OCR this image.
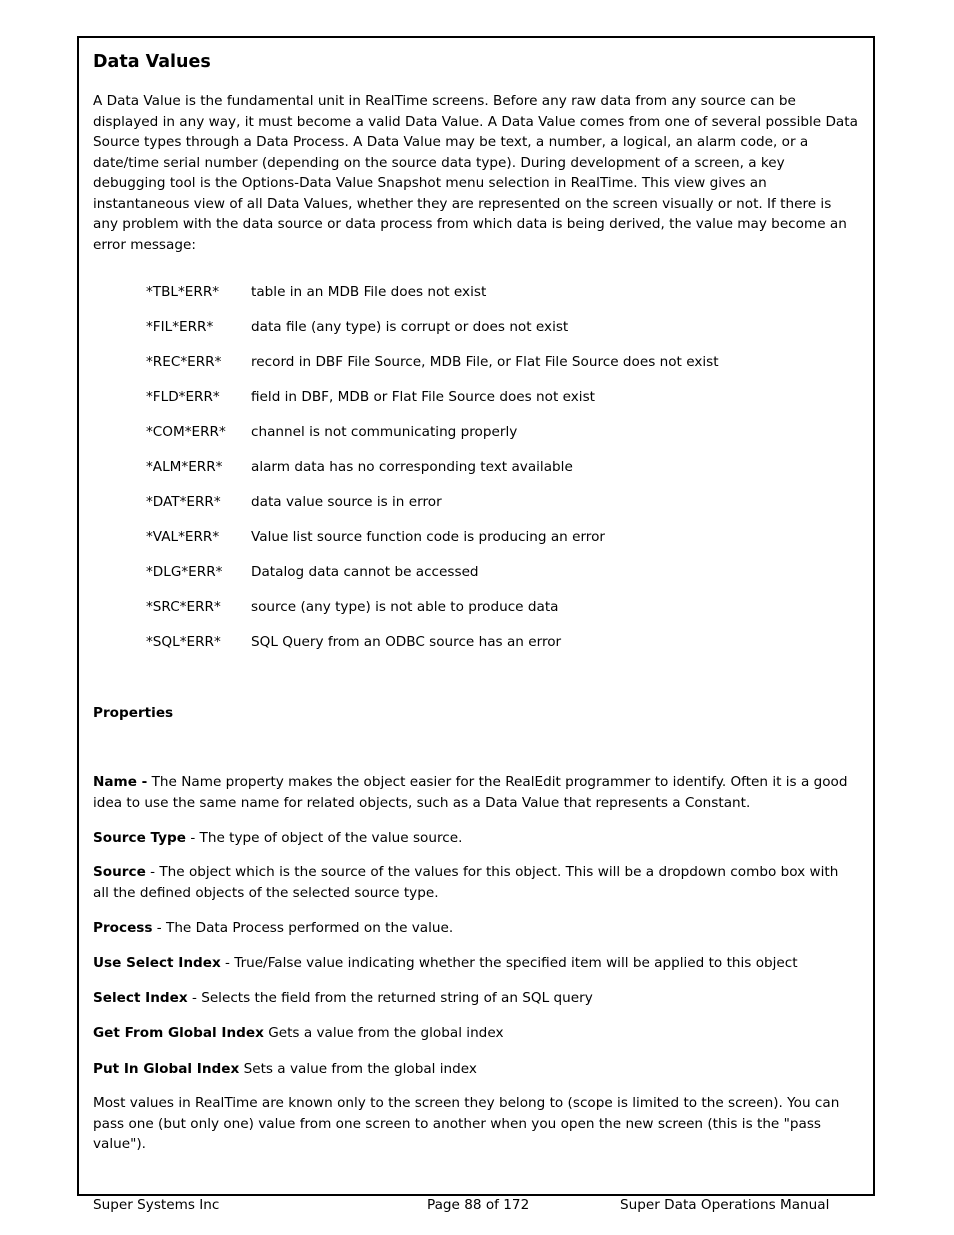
Data Values

A Data Value is the fundamental unit in RealTime screens. Before any raw data from any source can be displayed in any way, it must become a valid Data Value. A Data Value comes from one of several possible Data Source types through a Data Process. A Data Value may be text, a number, a logical, an alarm code, or a date/time serial number (depending on the source data type). During development of a screen, a key debugging tool is the Options-Data Value Snapshot menu selection in RealTime. This view gives an instantaneous view of all Data Values, whether they are represented on the screen visually or not. If there is any problem with the data source or data process from which data is being derived, the value may become an error message:

*TBL*ERR* table in an MDB File does not exist
*FIL*ERR*	data file (any type) is corrupt or does not exist
*REC*ERR* record in DBF File Source, MDB File, or Flat File Source does not exist
*FLD*ERR* field in DBF, MDB or Flat File Source does not exist
*COM*ERR* channel is not communicating properly
*ALM*ERR* alarm data has no corresponding text available
*DAT*ERR* data value source is in error
*VAL*ERR* Value list source function code is producing an error
*DLG*ERR* Datalog data cannot be accessed
*SRC*ERR* source (any type) is not able to produce data
*SQL*ERR* SQL Query from an ODBC source has an error
Properties

Name - The Name property makes the object easier for the RealEdit programmer to identify. Often it is a good idea to use the same name for related objects, such as a Data Value that represents a Constant.

Source Type - The type of object of the value source.

Source - The object which is the source of the values for this object. This will be a dropdown combo box with all the defined objects of the selected source type.

Process - The Data Process performed on the value.

Use Select Index - True/False value indicating whether the specified item will be applied to this object

Select Index - Selects the field from the returned string of an SQL query

Get From Global Index Gets a value from the global index

Put In Global Index Sets a value from the global index

Most values in RealTime are known only to the screen they belong to (scope is limited to the screen). You can pass one (but only one) value from one screen to another when you open the new screen (this is the "pass value").

Super Systems Inc	Page 88 of 172	Super Data Operations Manual
